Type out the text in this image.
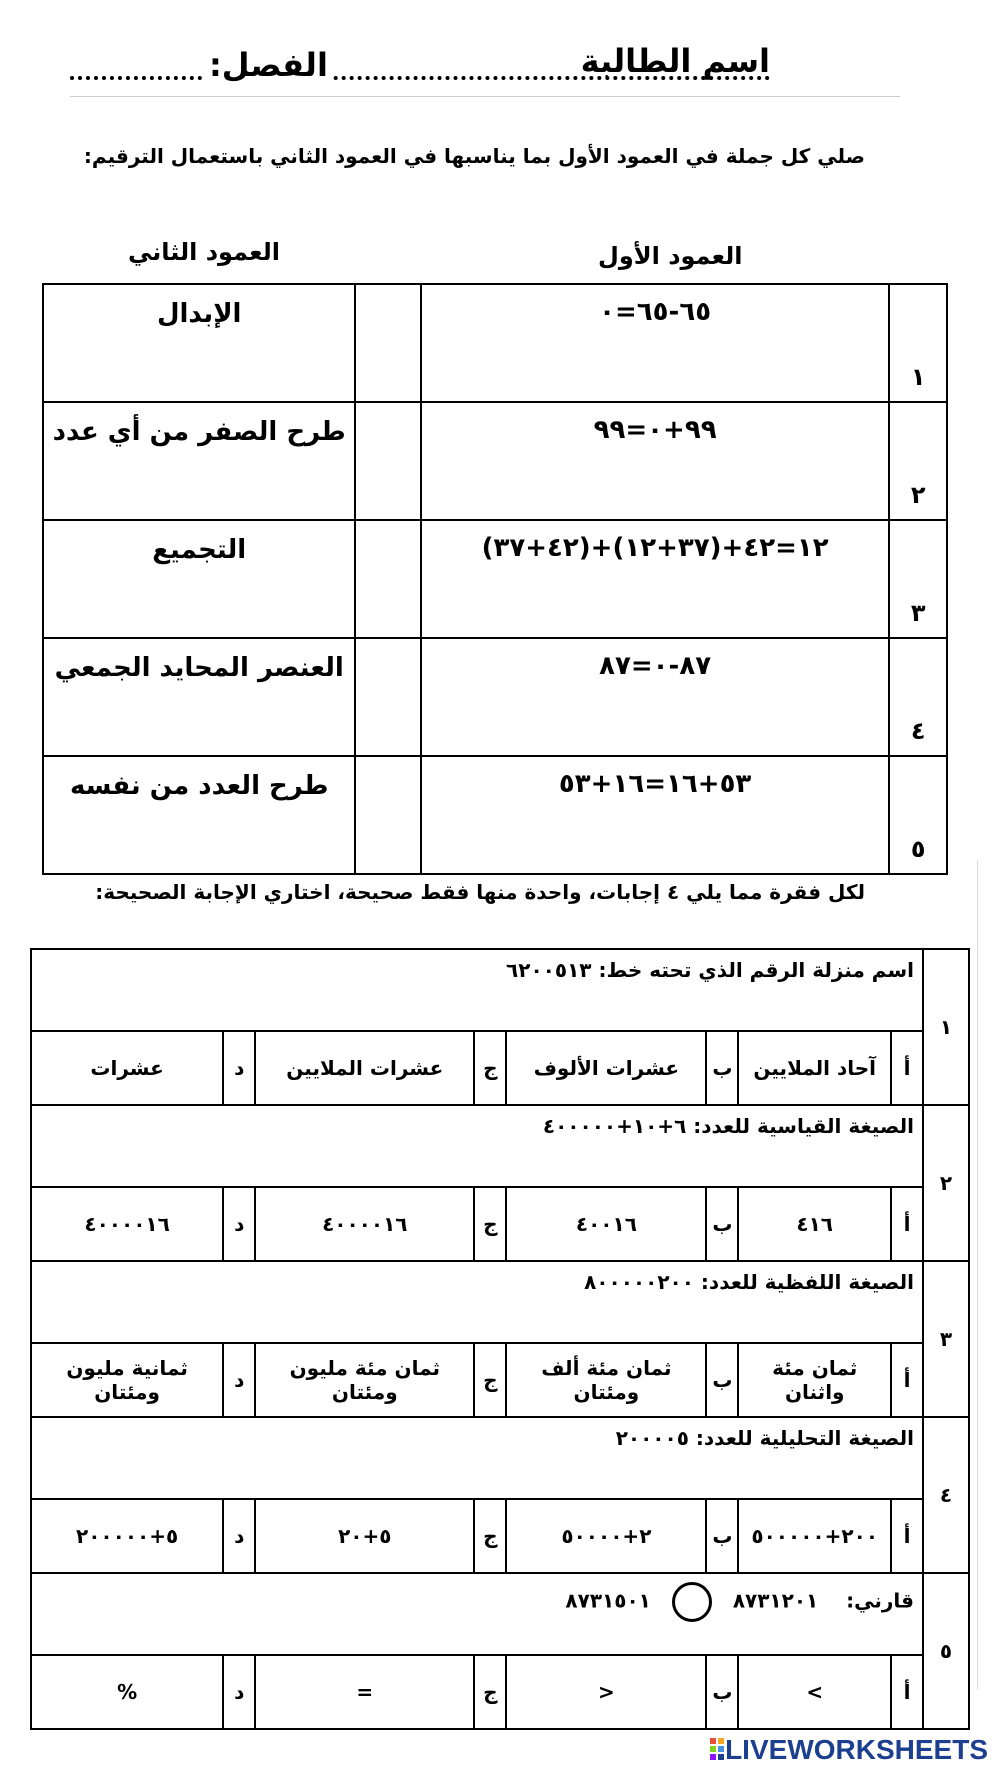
اسم الطالبة
الفصل:
صلي كل جملة في العمود الأول بما يناسبها في العمود الثاني باستعمال الترقيم:
العمود الأول
العمود الثاني
الإبدال		٦٥-٦٥=٠	١
طرح الصفر من أي عدد		٩٩+٠=٩٩	٢
التجميع		(٤٢+٣٧)+١٢=٤٢+(٣٧+١٢)	٣
العنصر المحايد الجمعي		٨٧-٠=٨٧	٤
طرح العدد من نفسه		٥٣+١٦=١٦+٥٣	٥
لكل فقرة مما يلي ٤ إجابات، واحدة منها فقط صحيحة، اختاري الإجابة الصحيحة:
اسم منزلة الرقم الذي تحته خط: ٦٢٠٠٥١٣								١
عشرات	د	عشرات الملايين	ج	عشرات الألوف	ب	آحاد الملايين	أ	
الصيغة القياسية للعدد: ٦+١٠+٤٠٠٠٠٠								٢
٤٠٠٠٠١٦	د	٤٠٠٠٠١٦	ج	٤٠٠١٦	ب	٤١٦	أ	
الصيغة اللفظية للعدد: ٨٠٠٠٠٠٢٠٠								٣
ثمانية مليون ومئتان	د	ثمان مئة مليون ومئتان	ج	ثمان مئة ألف ومئتان	ب	ثمان مئة واثنان	أ	
الصيغة التحليلية للعدد: ٢٠٠٠٠٥								٤
٥+٢٠٠٠٠٠	د	٥+٢٠	ج	٢+٥٠٠٠٠	ب	٢٠٠+٥٠٠٠٠٠	أ	
قارني:    ٨٧٣١٢٠١  ٨٧٣١٥٠١								٥
%	د	=	ج	<	ب	>	أ	
LIVEWORKSHEETS
